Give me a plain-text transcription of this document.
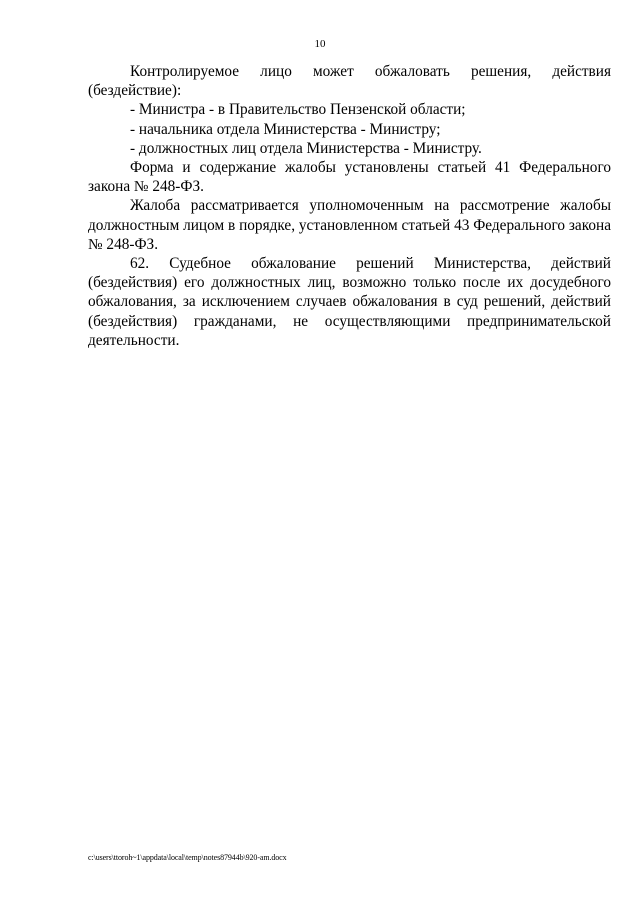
10

Контролируемое лицо может обжаловать решения, действия (бездействие):

- Министра - в Правительство Пензенской области;

- начальника отдела Министерства - Министру;

- должностных лиц отдела Министерства - Министру.

Форма и содержание жалобы установлены статьей 41 Федерального закона № 248-ФЗ.

Жалоба рассматривается уполномоченным на рассмотрение жалобы должностным лицом в порядке, установленном статьей 43 Федерального закона № 248-ФЗ.

62. Судебное обжалование решений Министерства, действий (бездействия) его должностных лиц, возможно только после их досудебного обжалования, за исключением случаев обжалования в суд решений, действий (бездействия) гражданами, не осуществляющими предпринимательской деятельности.

c:\users\ttoroh~1\appdata\local\temp\notes87944b\920-am.docx
